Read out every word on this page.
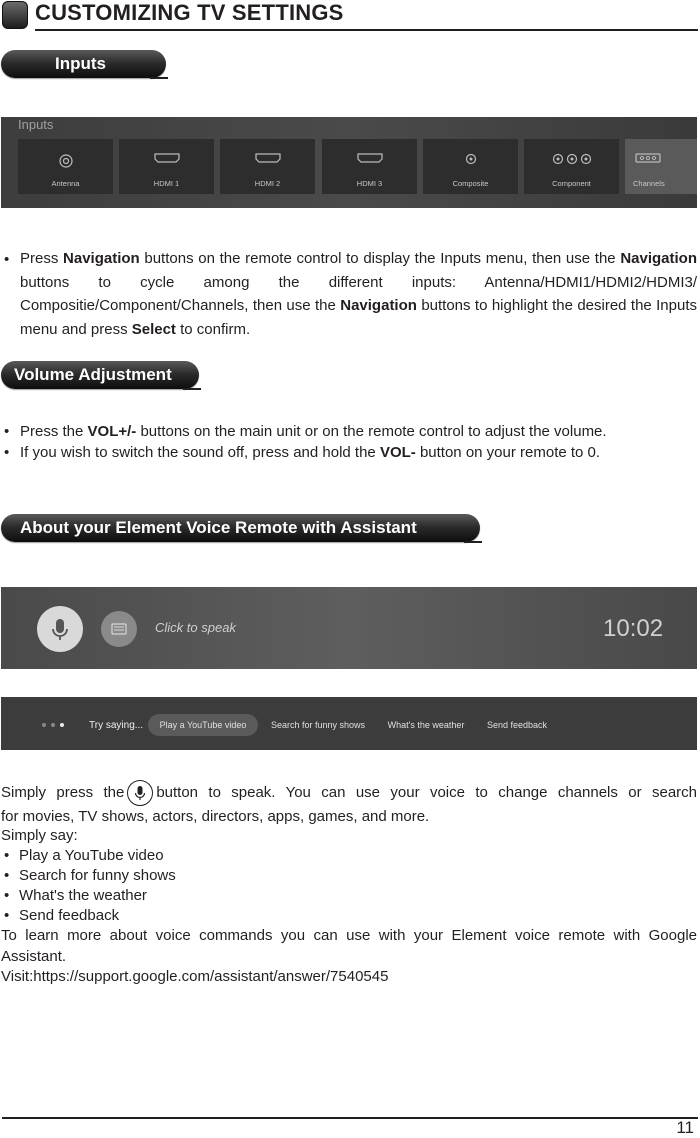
CUSTOMIZING TV SETTINGS
Inputs
Inputs
Antenna	HDMI 1	HDMI 2	HDMI 3	Composite	Component	Channels
• Press Navigation buttons on the remote control to display the Inputs menu, then use the Navigation buttons to cycle among the different inputs: Antenna/HDMI1/HDMI2/HDMI3/ Compositie/Component/Channels, then use the Navigation buttons to highlight the desired the Inputs menu and press Select to confirm.
Volume Adjustment
• Press the VOL+/- buttons on the main unit or on the remote control to adjust the volume.
• If you wish to switch the sound off, press and hold the VOL- button on your remote to 0.
About your Element Voice Remote with Assistant
Click to speak	10:02
Try saying...	Play a YouTube video	Search for funny shows	What's the weather	Send feedback
Simply press the button to speak. You can use your voice to change channels or search
for movies, TV shows, actors, directors, apps, games, and more.
Simply say:
• Play a YouTube video
• Search for funny shows
• What's the weather
• Send feedback
To learn more about voice commands you can use with your Element voice remote with Google Assistant.
Visit:https://support.google.com/assistant/answer/7540545
11
